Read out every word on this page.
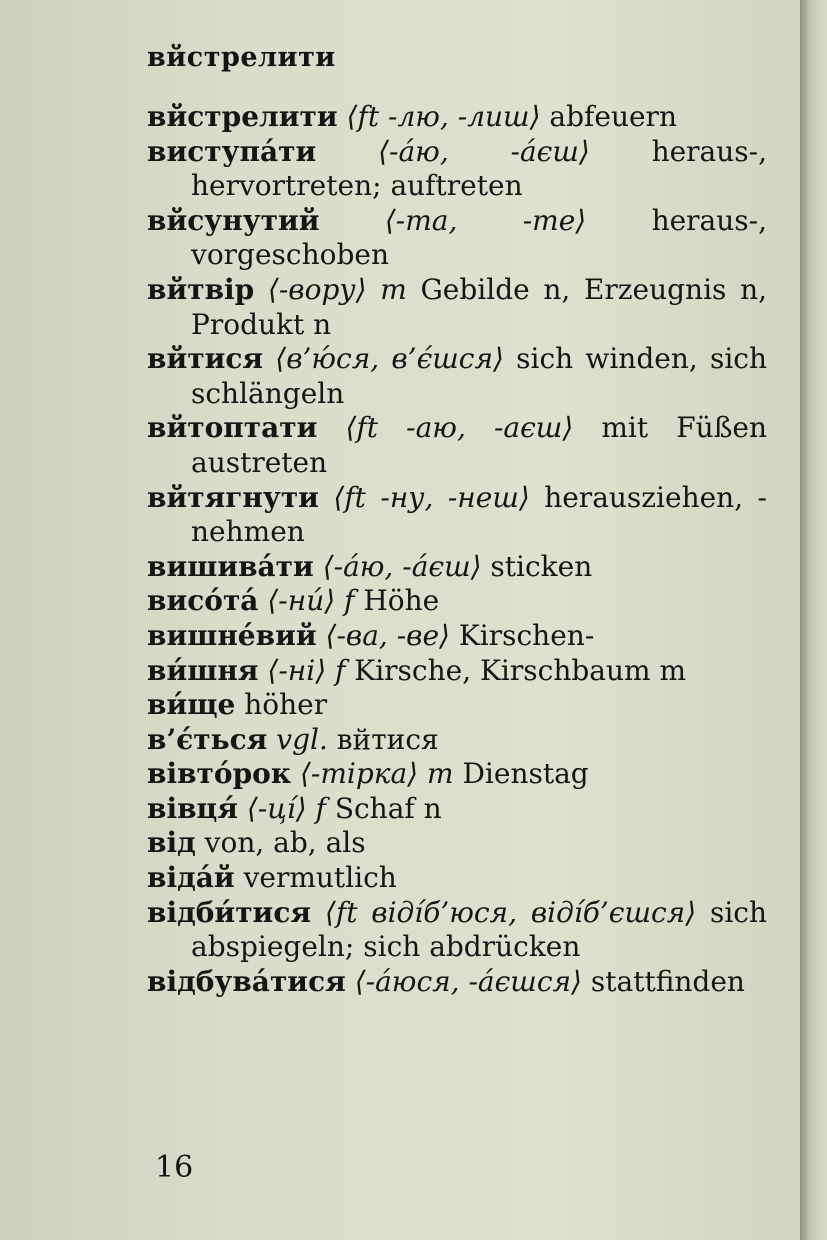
вйстрелити

вйстрелити ⟨ft -лю, -лиш⟩ abfeuern

виступа́ти ⟨-а́ю, -а́єш⟩ heraus-, hervortreten; auftreten

вйсунутий ⟨-та, -те⟩ heraus-, vorgeschoben

вйтвір ⟨-вору⟩ m Gebilde n, Erzeugnis n, Produkt n

вйтися ⟨в’ю́ся, в’є́шся⟩ sich winden, sich schlängeln

вйтоптати ⟨ft -аю, -аєш⟩ mit Füßen austreten

вйтягнути ⟨ft -ну, -неш⟩ herausziehen, -nehmen

вишива́ти ⟨-а́ю, -а́єш⟩ sticken

висо́та́ ⟨-ни́⟩ f Höhe

вишне́вий ⟨-ва, -ве⟩ Kirschen-

ви́шня ⟨-ні⟩ f Kirsche, Kirschbaum m

ви́ще höher

в’є́ться vgl. вйтися

вівто́рок ⟨-тірка⟩ m Dienstag

вівця́ ⟨-ці́⟩ f Schaf n

від von, ab, als

віда́й vermutlich

відби́тися ⟨ft віді́б’юся, віді́б’єшся⟩ sich abspiegeln; sich abdrücken

відбува́тися ⟨-а́юся, -а́єшся⟩ stattfinden

16
